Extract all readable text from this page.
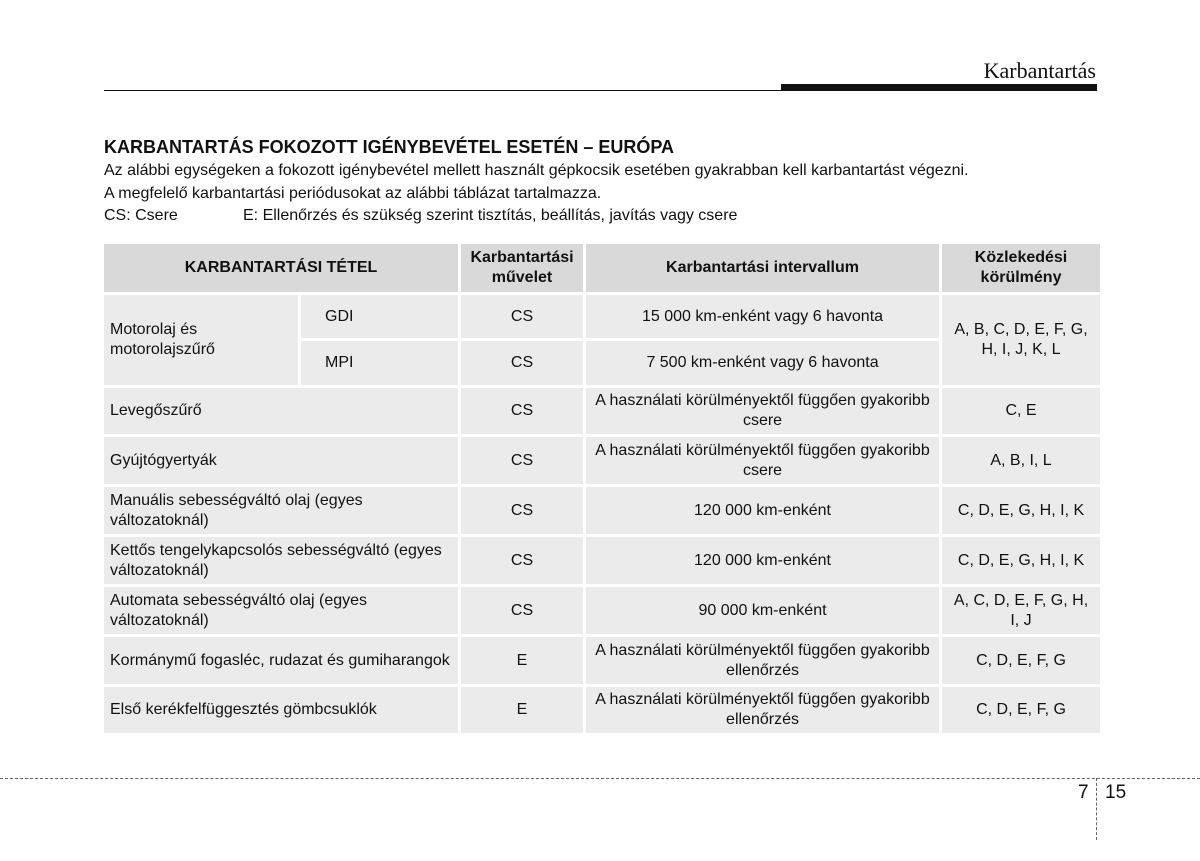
Karbantartás
KARBANTARTÁS FOKOZOTT IGÉNYBEVÉTEL ESETÉN – EURÓPA
Az alábbi egységeken a fokozott igénybevétel mellett használt gépkocsik esetében gyakrabban kell karbantartást végezni.
A megfelelő karbantartási periódusokat az alábbi táblázat tartalmazza.
CS: Csere	E: Ellenőrzés és szükség szerint tisztítás, beállítás, javítás vagy csere
KARBANTARTÁSI TÉTEL		Karbantartási művelet	Karbantartási intervallum	Közlekedési körülmény
Motorolaj és motorolajszűrő	GDI	CS	15 000 km-enként vagy 6 havonta	A, B, C, D, E, F, G, H, I, J, K, L
	MPI	CS	7 500 km-enként vagy 6 havonta	
Levegőszűrő		CS	A használati körülményektől függően gyakoribb csere	C, E
Gyújtógyertyák		CS	A használati körülményektől függően gyakoribb csere	A, B, I, L
Manuális sebességváltó olaj (egyes változatoknál)		CS	120 000 km-enként	C, D, E, G, H, I, K
Kettős tengelykapcsolós sebességváltó (egyes változatoknál)		CS	120 000 km-enként	C, D, E, G, H, I, K
Automata sebességváltó olaj (egyes változatoknál)		CS	90 000 km-enként	A, C, D, E, F, G, H, I, J
Kormánymű fogasléc, rudazat és gumiharangok		E	A használati körülményektől függően gyakoribb ellenőrzés	C, D, E, F, G
Első kerékfelfüggesztés gömbcsuklók		E	A használati körülményektől függően gyakoribb ellenőrzés	C, D, E, F, G
7 15
